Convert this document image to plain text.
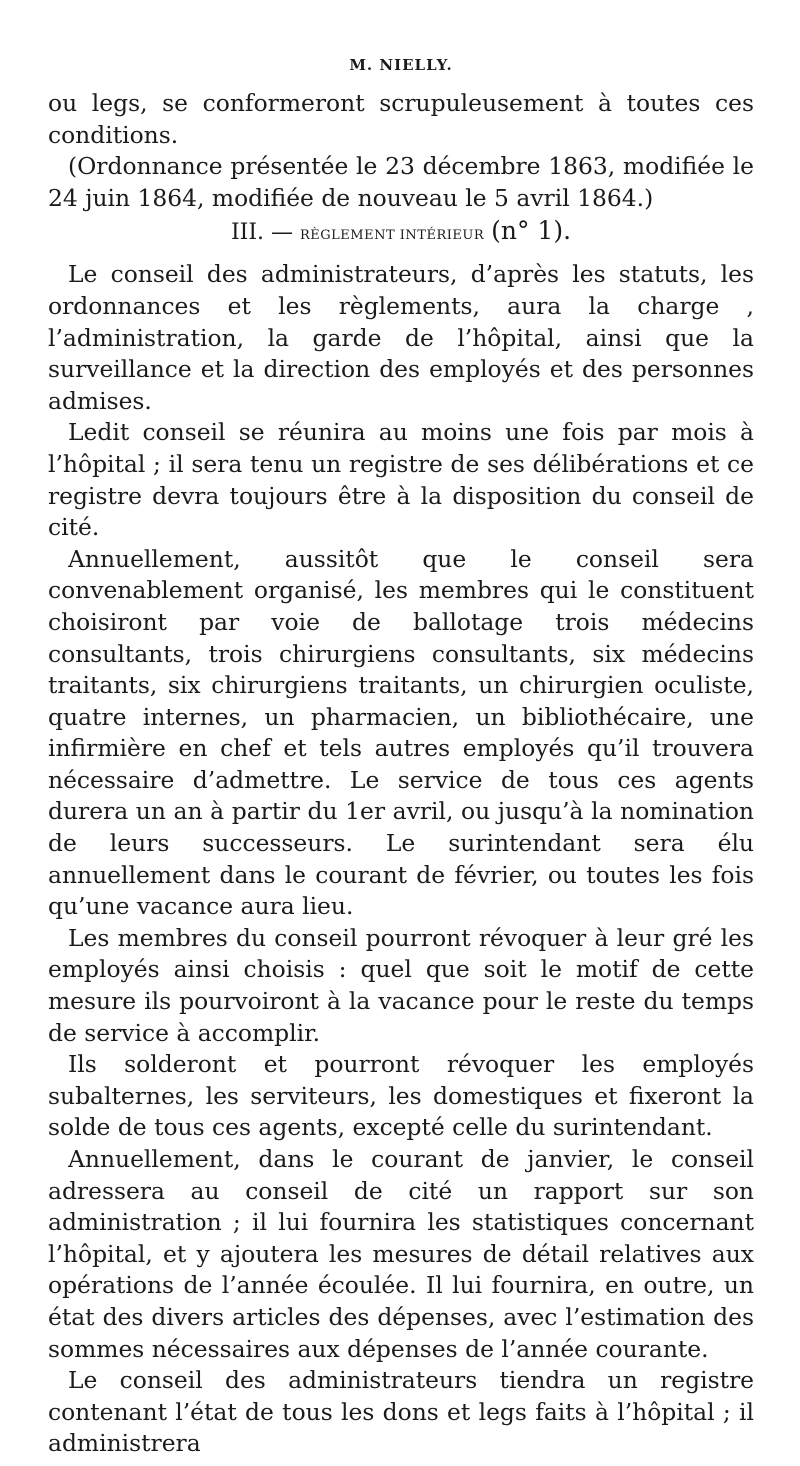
M. NIELLY.

ou legs, se conformeront scrupuleusement à toutes ces conditions.

(Ordonnance présentée le 23 décembre 1863, modifiée le 24 juin 1864, modifiée de nouveau le 5 avril 1864.)

III. — RÈGLEMENT INTÉRIEUR (n° 1).

Le conseil des administrateurs, d’après les statuts, les ordonnances et les règlements, aura la charge , l’administration, la garde de l’hôpital, ainsi que la surveillance et la direction des employés et des personnes admises.

Ledit conseil se réunira au moins une fois par mois à l’hôpital ; il sera tenu un registre de ses délibérations et ce registre devra toujours être à la disposition du conseil de cité.

Annuellement, aussitôt que le conseil sera convenablement organisé, les membres qui le constituent choisiront par voie de ballotage trois médecins consultants, trois chirurgiens consultants, six médecins traitants, six chirurgiens traitants, un chirurgien oculiste, quatre internes, un pharmacien, un bibliothécaire, une infirmière en chef et tels autres employés qu’il trouvera nécessaire d’admettre. Le service de tous ces agents durera un an à partir du 1er avril, ou jusqu’à la nomination de leurs successeurs. Le surintendant sera élu annuellement dans le courant de février, ou toutes les fois qu’une vacance aura lieu.

Les membres du conseil pourront révoquer à leur gré les employés ainsi choisis : quel que soit le motif de cette mesure ils pourvoiront à la vacance pour le reste du temps de service à accomplir.

Ils solderont et pourront révoquer les employés subalternes, les serviteurs, les domestiques et fixeront la solde de tous ces agents, excepté celle du surintendant.

Annuellement, dans le courant de janvier, le conseil adressera au conseil de cité un rapport sur son administration ; il lui fournira les statistiques concernant l’hôpital, et y ajoutera les mesures de détail relatives aux opérations de l’année écoulée. Il lui fournira, en outre, un état des divers articles des dépenses, avec l’estimation des sommes nécessaires aux dépenses de l’année courante.

Le conseil des administrateurs tiendra un registre contenant l’état de tous les dons et legs faits à l’hôpital ; il administrera
